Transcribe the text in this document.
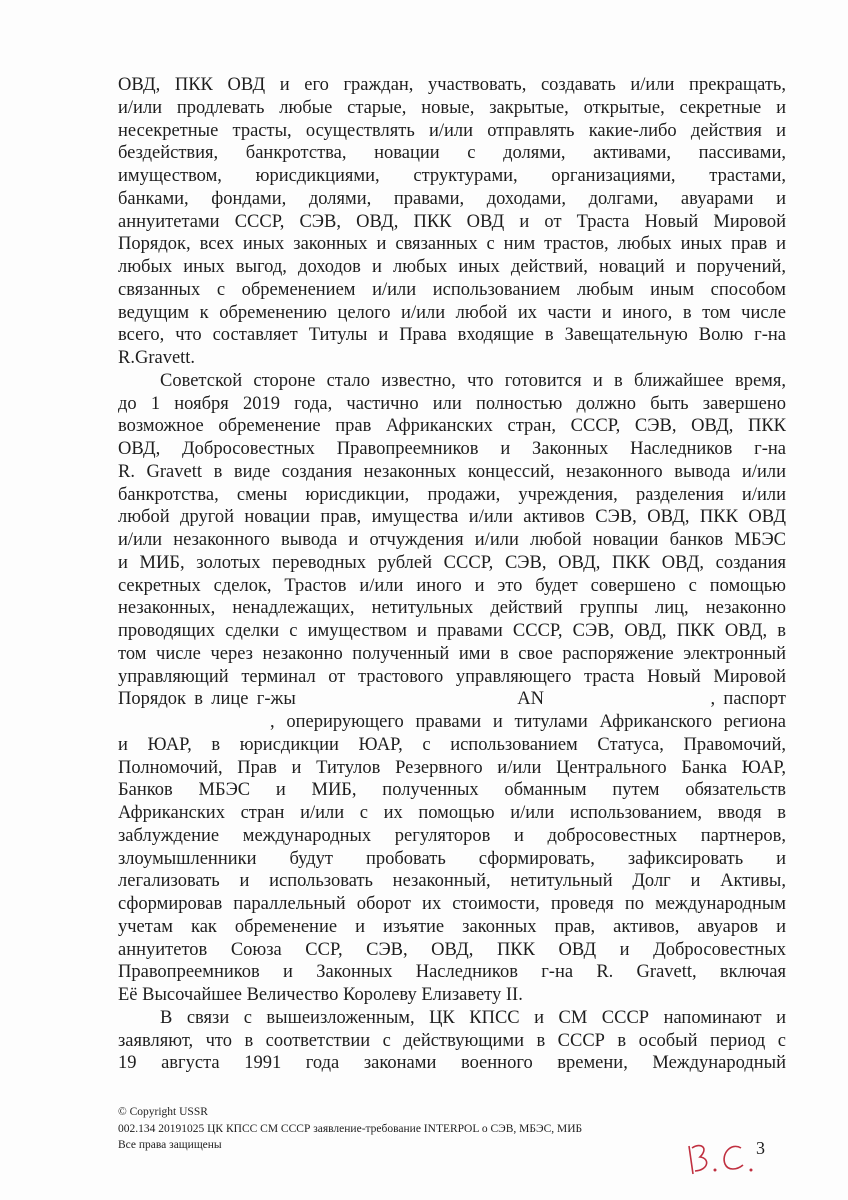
ОВД, ПКК ОВД и его граждан, участвовать, создавать и/или прекращать,
и/или продлевать любые старые, новые, закрытые, открытые, секретные и
несекретные трасты, осуществлять и/или отправлять какие-либо действия и
бездействия, банкротства, новации с долями, активами, пассивами,
имуществом, юрисдикциями, структурами, организациями, трастами,
банками, фондами, долями, правами, доходами, долгами, авуарами и
аннуитетами СССР, СЭВ, ОВД, ПКК ОВД и от Траста Новый Мировой
Порядок, всех иных законных и связанных с ним трастов, любых иных прав и
любых иных выгод, доходов и любых иных действий, новаций и поручений,
связанных с обременением и/или использованием любым иным способом
ведущим к обременению целого и/или любой их части и иного, в том числе
всего, что составляет Титулы и Права входящие в Завещательную Волю г-на
R.Gravett.
Советской стороне стало известно, что готовится и в ближайшее время,
до 1 ноября 2019 года, частично или полностью должно быть завершено
возможное обременение прав Африканских стран, СССР, СЭВ, ОВД, ПКК
ОВД, Добросовестных Правопреемников и Законных Наследников г-на
R. Gravett в виде создания незаконных концессий, незаконного вывода и/или
банкротства, смены юрисдикции, продажи, учреждения, разделения и/или
любой другой новации прав, имущества и/или активов СЭВ, ОВД, ПКК ОВД
и/или незаконного вывода и отчуждения и/или любой новации банков МБЭС
и МИБ, золотых переводных рублей СССР, СЭВ, ОВД, ПКК ОВД, создания
секретных сделок, Трастов и/или иного и это будет совершено с помощью
незаконных, ненадлежащих, нетитульных действий группы лиц, незаконно
проводящих сделки с имуществом и правами СССР, СЭВ, ОВД, ПКК ОВД, в
том числе через незаконно полученный ими в свое распоряжение электронный
управляющий терминал от трастового управляющего траста Новый Мировой
Порядок в лице г-жы	AN	, паспорт
, оперирующего правами и титулами Африканского региона
и ЮАР, в юрисдикции ЮАР, с использованием Статуса, Правомочий,
Полномочий, Прав и Титулов Резервного и/или Центрального Банка ЮАР,
Банков МБЭС и МИБ, полученных обманным путем обязательств
Африканских стран и/или с их помощью и/или использованием, вводя в
заблуждение международных регуляторов и добросовестных партнеров,
злоумышленники будут пробовать сформировать, зафиксировать и
легализовать и использовать незаконный, нетитульный Долг и Активы,
сформировав параллельный оборот их стоимости, проведя по международным
учетам как обременение и изъятие законных прав, активов, авуаров и
аннуитетов Союза ССР, СЭВ, ОВД, ПКК ОВД и Добросовестных
Правопреемников и Законных Наследников г-на R. Gravett, включая
Её Высочайшее Величество Королеву Елизавету II.
В связи с вышеизложенным, ЦК КПСС и СМ СССР напоминают и
заявляют, что в соответствии с действующими в СССР в особый период с
19 августа 1991 года законами военного времени, Международный
© Copyright USSR
002.134 20191025 ЦК КПСС СМ СССР заявление-требование INTERPOL о СЭВ, МБЭС, МИБ
Все права защищены	3
